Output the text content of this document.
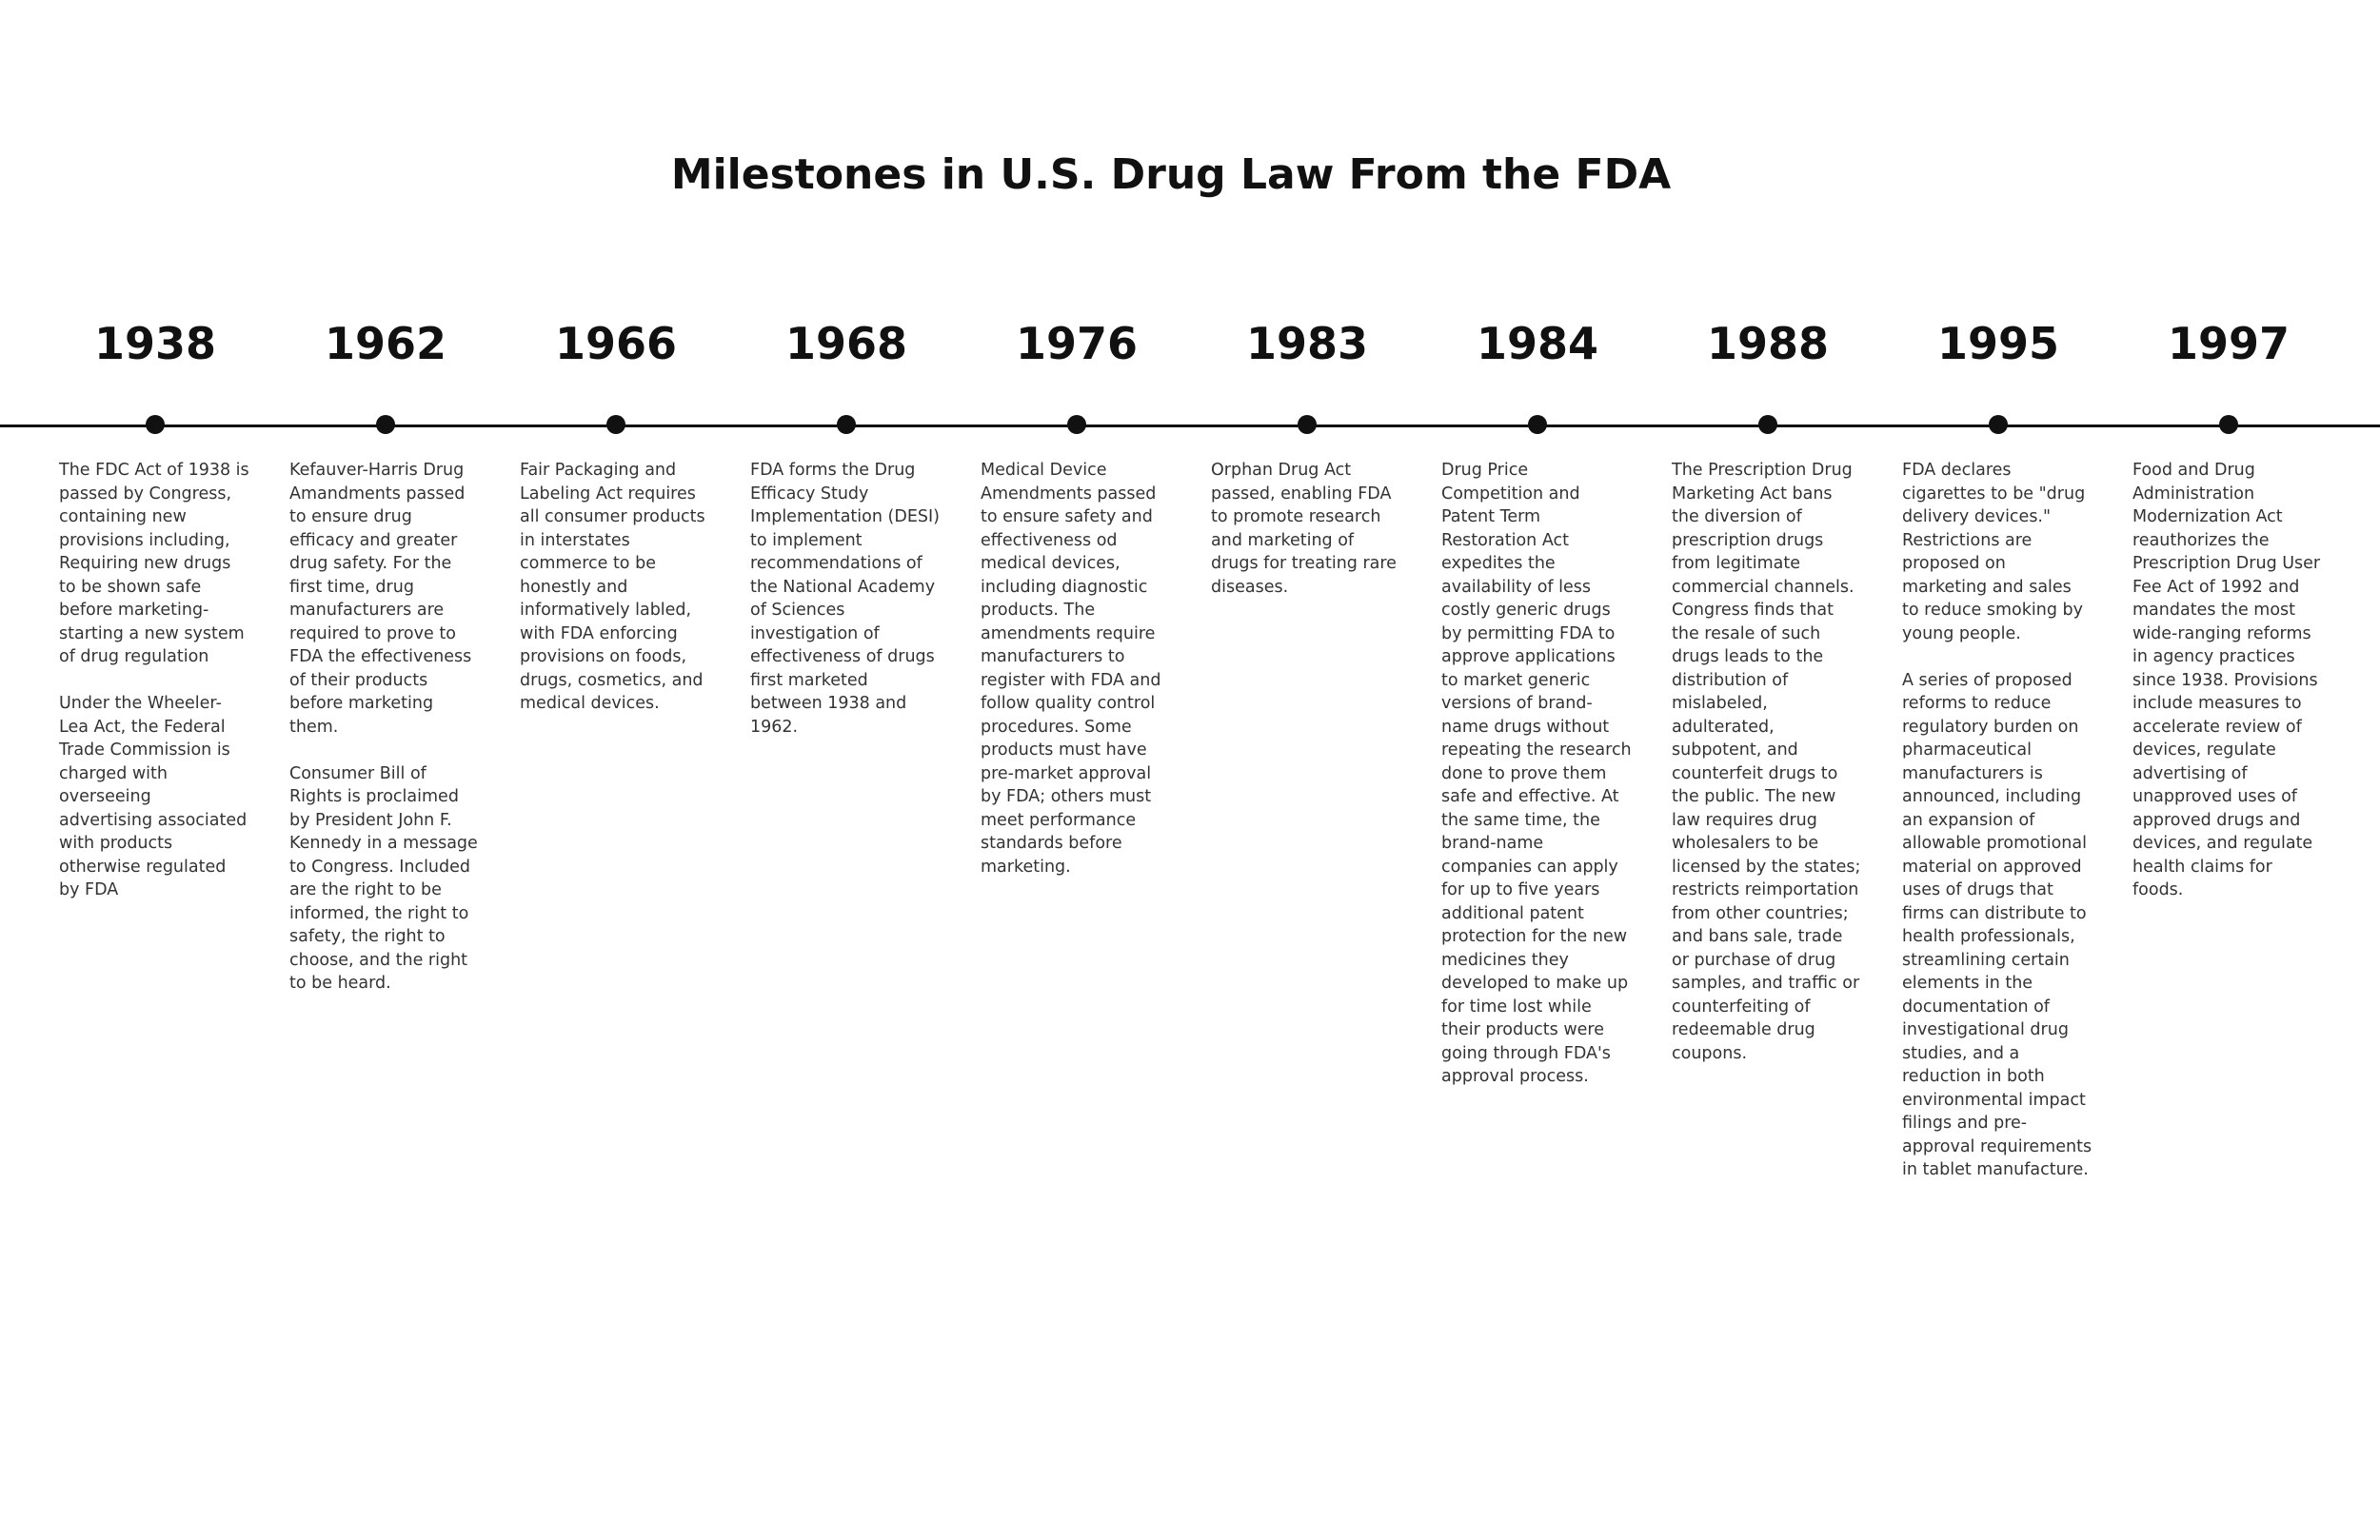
Milestones in U.S. Drug Law From the FDA
1938

The FDC Act of 1938 is passed by Congress, containing new provisions including, Requiring new drugs to be shown safe before marketing-starting a new system of drug regulation

Under the Wheeler-Lea Act, the Federal Trade Commission is charged with overseeing advertising associated with products otherwise regulated by FDA

1962

Kefauver-Harris Drug Amandments passed to ensure drug efficacy and greater drug safety. For the first time, drug manufacturers are required to prove to FDA the effectiveness of their products before marketing them.

Consumer Bill of Rights is proclaimed by President John F. Kennedy in a message to Congress. Included are the right to be informed, the right to safety, the right to choose, and the right to be heard.

1966

Fair Packaging and Labeling Act requires all consumer products in interstates commerce to be honestly and informatively labled, with FDA enforcing provisions on foods, drugs, cosmetics, and medical devices.

1968

FDA forms the Drug Efficacy Study Implementation (DESI) to implement recommendations of the National Academy of Sciences investigation of effectiveness of drugs first marketed between 1938 and 1962.

1976

Medical Device Amendments passed to ensure safety and effectiveness od medical devices, including diagnostic products. The amendments require manufacturers to register with FDA and follow quality control procedures. Some products must have pre-market approval by FDA; others must meet performance standards before marketing.

1983

Orphan Drug Act passed, enabling FDA to promote research and marketing of drugs for treating rare diseases.

1984

Drug Price Competition and Patent Term Restoration Act expedites the availability of less costly generic drugs by permitting FDA to approve applications to market generic versions of brand-name drugs without repeating the research done to prove them safe and effective. At the same time, the brand-name companies can apply for up to five years additional patent protection for the new medicines they developed to make up for time lost while their products were going through FDA's approval process.

1988

The Prescription Drug Marketing Act bans the diversion of prescription drugs from legitimate commercial channels. Congress finds that the resale of such drugs leads to the distribution of mislabeled, adulterated, subpotent, and counterfeit drugs to the public. The new law requires drug wholesalers to be licensed by the states; restricts reimportation from other countries; and bans sale, trade or purchase of drug samples, and traffic or counterfeiting of redeemable drug coupons.

1995

FDA declares cigarettes to be "drug delivery devices." Restrictions are proposed on marketing and sales to reduce smoking by young people.

A series of proposed reforms to reduce regulatory burden on pharmaceutical manufacturers is announced, including an expansion of allowable promotional material on approved uses of drugs that firms can distribute to health professionals, streamlining certain elements in the documentation of investigational drug studies, and a reduction in both environmental impact filings and pre-approval requirements in tablet manufacture.

1997

Food and Drug Administration Modernization Act reauthorizes the Prescription Drug User Fee Act of 1992 and mandates the most wide-ranging reforms in agency practices since 1938. Provisions include measures to accelerate review of devices, regulate advertising of unapproved uses of approved drugs and devices, and regulate health claims for foods.
